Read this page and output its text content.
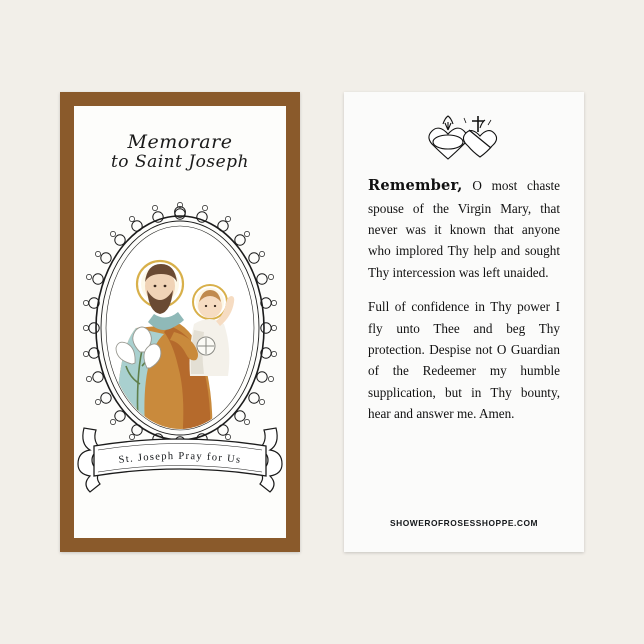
Memorare
to Saint Joseph
St. Joseph Pray for Us

Remember, O most chaste spouse of the Virgin Mary, that never was it known that anyone who implored Thy help and sought Thy intercession was left unaided.

Full of confidence in Thy power I fly unto Thee and beg Thy protection. Despise not O Guardian of the Redeemer my humble supplication, but in Thy bounty, hear and answer me. Amen.

SHOWEROFROSESSHOPPE.COM
